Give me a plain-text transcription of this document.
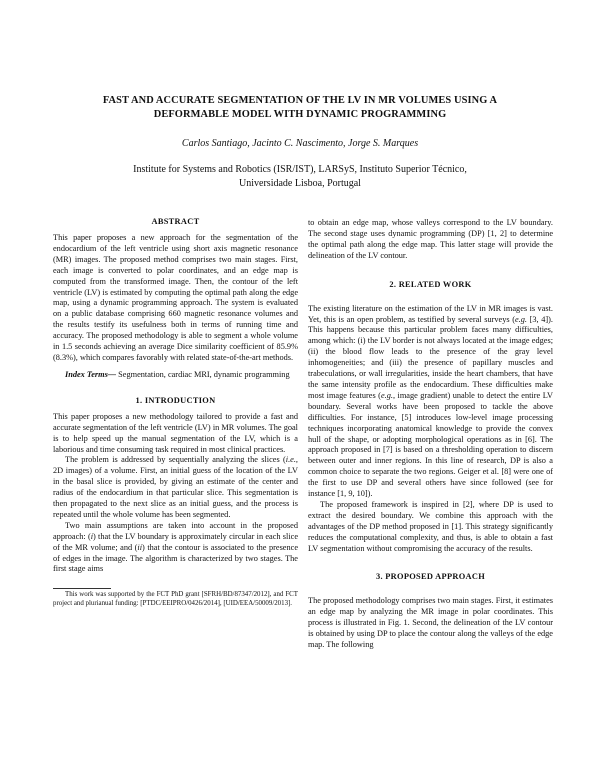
FAST AND ACCURATE SEGMENTATION OF THE LV IN MR VOLUMES USING A
DEFORMABLE MODEL WITH DYNAMIC PROGRAMMING
Carlos Santiago, Jacinto C. Nascimento, Jorge S. Marques
Institute for Systems and Robotics (ISR/IST), LARSyS, Instituto Superior Técnico,
Universidade Lisboa, Portugal
ABSTRACT

This paper proposes a new approach for the segmentation of the endocardium of the left ventricle using short axis magnetic resonance (MR) images. The proposed method comprises two main stages. First, each image is converted to polar coordinates, and an edge map is computed from the transformed image. Then, the contour of the left ventricle (LV) is estimated by computing the optimal path along the edge map, using a dynamic programming approach. The system is evaluated on a public database comprising 660 magnetic resonance volumes and the results testify its usefulness both in terms of running time and accuracy. The proposed methodology is able to segment a whole volume in 1.5 seconds achieving an average Dice similarity coefficient of 85.9% (8.3%), which compares favorably with related state-of-the-art methods.

Index Terms— Segmentation, cardiac MRI, dynamic programming

1. INTRODUCTION

This paper proposes a new methodology tailored to provide a fast and accurate segmentation of the left ventricle (LV) in MR volumes. The goal is to help speed up the manual segmentation of the LV, which is a laborious and time consuming task required in most clinical practices.

The problem is addressed by sequentially analyzing the slices (i.e., 2D images) of a volume. First, an initial guess of the location of the LV in the basal slice is provided, by giving an estimate of the center and radius of the endocardium in that particular slice. This segmentation is then propagated to the next slice as an initial guess, and the process is repeated until the whole volume has been segmented.

Two main assumptions are taken into account in the proposed approach: (i) that the LV boundary is approximately circular in each slice of the MR volume; and (ii) that the contour is associated to the presence of edges in the image. The algorithm is characterized by two stages. The first stage aims

This work was supported by the FCT PhD grant [SFRH/BD/87347/2012], and FCT project and plurianual funding: [PTDC/EEIPRO/0426/2014], [UID/EEA/50009/2013].

to obtain an edge map, whose valleys correspond to the LV boundary. The second stage uses dynamic programming (DP) [1, 2] to determine the optimal path along the edge map. This latter stage will provide the delineation of the LV contour.

2. RELATED WORK

The existing literature on the estimation of the LV in MR images is vast. Yet, this is an open problem, as testified by several surveys (e.g. [3, 4]). This happens because this particular problem faces many difficulties, among which: (i) the LV border is not always located at the image edges; (ii) the blood flow leads to the presence of the gray level inhomogeneities; and (iii) the presence of papillary muscles and trabeculations, or wall irregularities, inside the heart chambers, that have the same intensity profile as the endocardium. These difficulties make most image features (e.g., image gradient) unable to detect the entire LV boundary. Several works have been proposed to tackle the above difficulties. For instance, [5] introduces low-level image processing techniques incorporating anatomical knowledge to provide the convex hull of the shape, or adopting morphological operations as in [6]. The approach proposed in [7] is based on a thresholding operation to discern between outer and inner regions. In this line of research, DP is also a common choice to separate the two regions. Geiger et al. [8] were one of the first to use DP and several others have since followed (see for instance [1, 9, 10]).

The proposed framework is inspired in [2], where DP is used to extract the desired boundary. We combine this approach with the advantages of the DP method proposed in [1]. This strategy significantly reduces the computational complexity, and thus, is able to obtain a fast LV segmentation without compromising the accuracy of the results.

3. PROPOSED APPROACH

The proposed methodology comprises two main stages. First, it estimates an edge map by analyzing the MR image in polar coordinates. This process is illustrated in Fig. 1. Second, the delineation of the LV contour is obtained by using DP to place the contour along the valleys of the edge map. The following
